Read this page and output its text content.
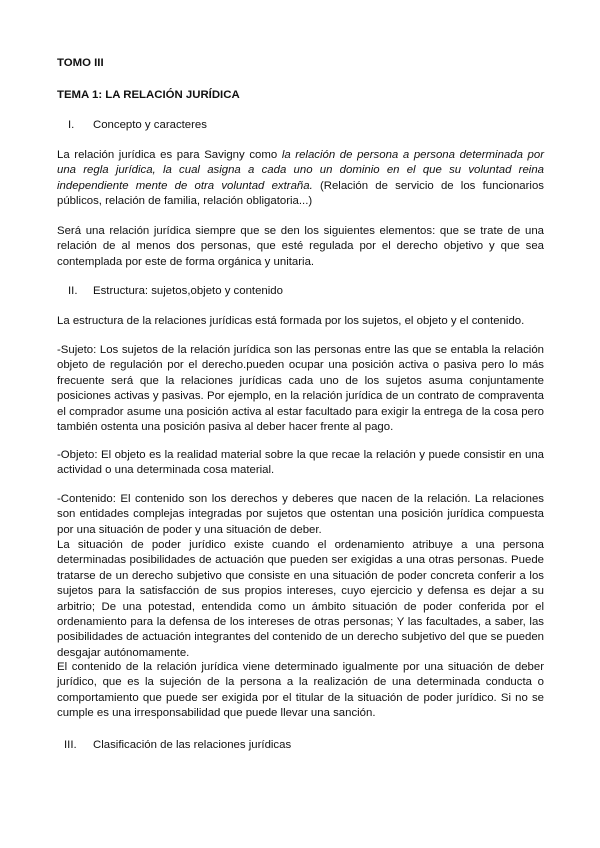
TOMO III

TEMA 1: LA RELACIÓN JURÍDICA

I. Concepto y caracteres

La relación jurídica es para Savigny como la relación de persona a persona determinada por una regla jurídica, la cual asigna a cada uno un dominio en el que su voluntad reina independiente mente de otra voluntad extraña. (Relación de servicio de los funcionarios públicos, relación de familia, relación obligatoria...)

Será una relación jurídica siempre que se den los siguientes elementos: que se trate de una relación de al menos dos personas, que esté regulada por el derecho objetivo y que sea contemplada por este de forma orgánica y unitaria.

II. Estructura: sujetos,objeto y contenido

La estructura de la relaciones jurídicas está formada por los sujetos, el objeto y el contenido.

-Sujeto: Los sujetos de la relación jurídica son las personas entre las que se entabla la relación objeto de regulación por el derecho.pueden ocupar una posición activa o pasiva pero lo más frecuente será que la relaciones jurídicas cada uno de los sujetos asuma conjuntamente posiciones activas y pasivas. Por ejemplo, en la relación jurídica de un contrato de compraventa el comprador asume una posición activa al estar facultado para exigir la entrega de la cosa pero también ostenta una posición pasiva al deber hacer frente al pago.

-Objeto: El objeto es la realidad material sobre la que recae la relación y puede consistir en una actividad o una determinada cosa material.

-Contenido: El contenido son los derechos y deberes que nacen de la relación. La relaciones son entidades complejas integradas por sujetos que ostentan una posición jurídica compuesta por una situación de poder y una situación de deber.

La situación de poder jurídico existe cuando el ordenamiento atribuye a una persona determinadas posibilidades de actuación que pueden ser exigidas a una otras personas. Puede tratarse de un derecho subjetivo que consiste en una situación de poder concreta conferir a los sujetos para la satisfacción de sus propios intereses, cuyo ejercicio y defensa es dejar a su arbitrio; De una potestad, entendida como un ámbito situación de poder conferida por el ordenamiento para la defensa de los intereses de otras personas; Y las facultades, a saber, las posibilidades de actuación integrantes del contenido de un derecho subjetivo del que se pueden desgajar autónomamente.

El contenido de la relación jurídica viene determinado igualmente por una situación de deber jurídico, que es la sujeción de la persona a la realización de una determinada conducta o comportamiento que puede ser exigida por el titular de la situación de poder jurídico. Si no se cumple es una irresponsabilidad que puede llevar una sanción.

III. Clasificación de las relaciones jurídicas
